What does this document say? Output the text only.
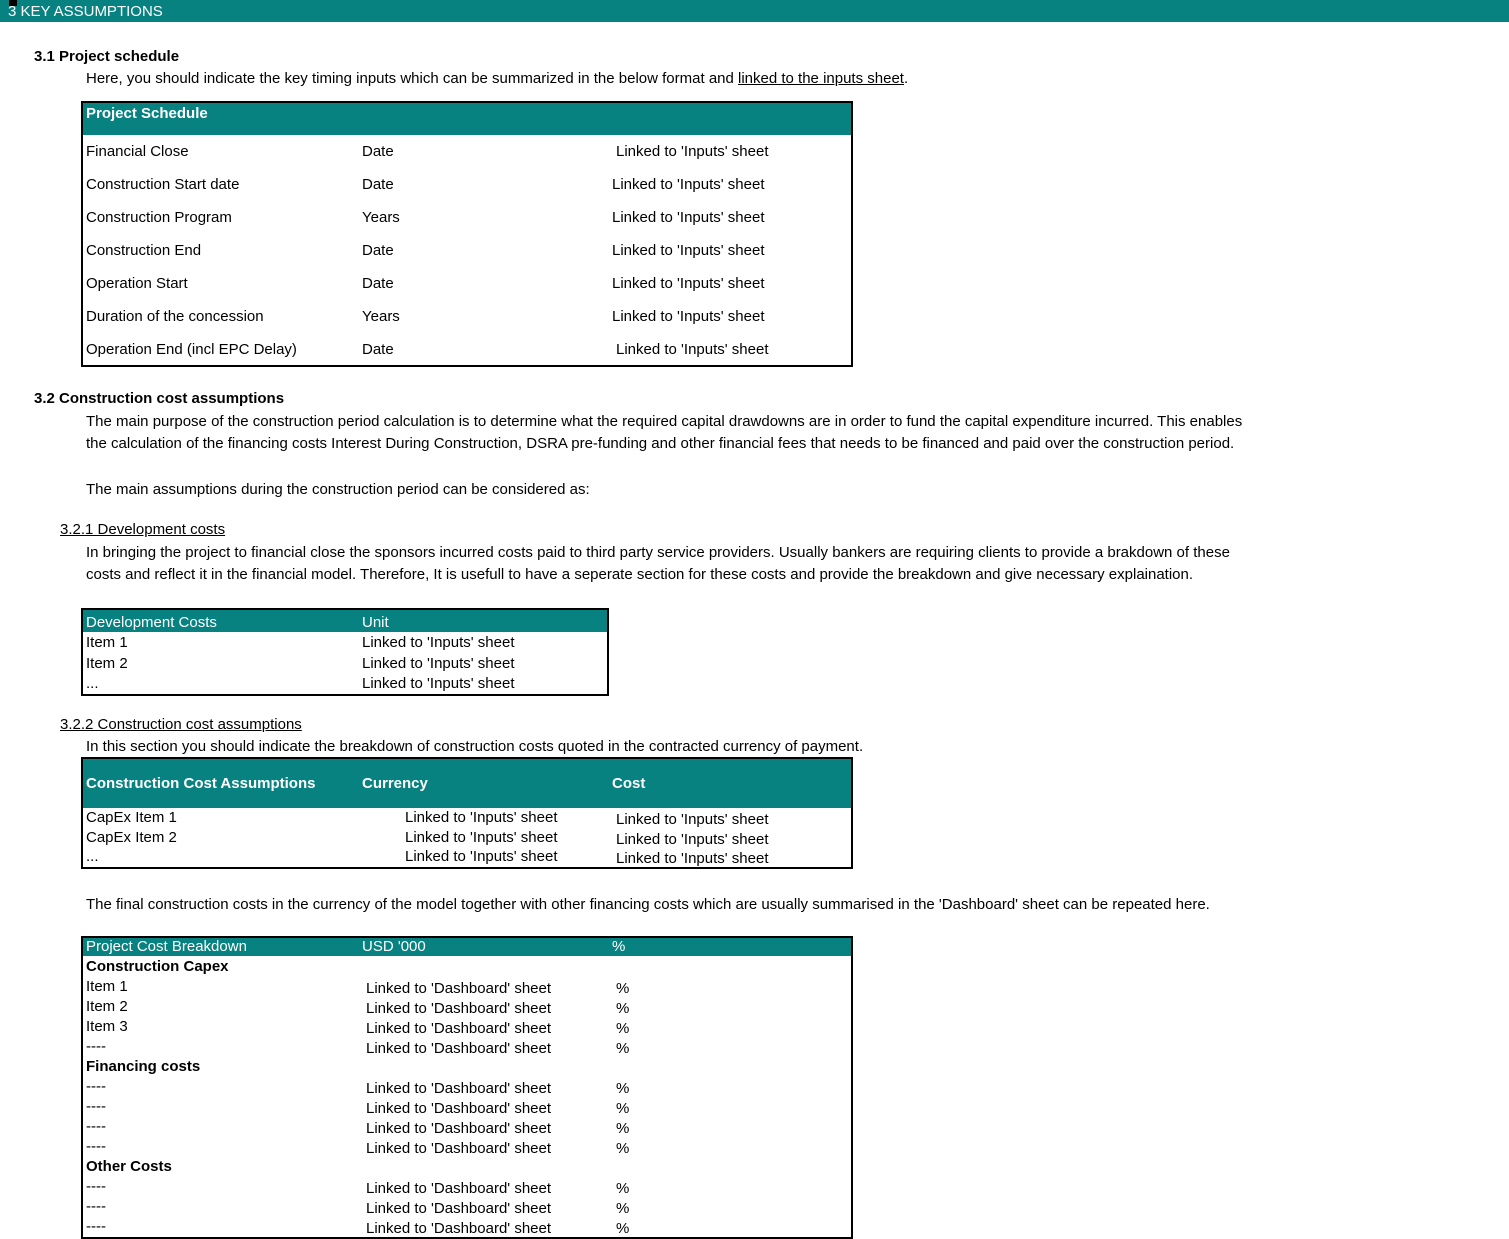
3 KEY ASSUMPTIONS
3.1 Project schedule
Here, you should indicate the key timing inputs which can be summarized in the below format and linked to the inputs sheet.
Project Schedule
Financial Close	Date	Linked to 'Inputs' sheet
Construction Start date	Date	Linked to 'Inputs' sheet
Construction Program	Years	Linked to 'Inputs' sheet
Construction End	Date	Linked to 'Inputs' sheet
Operation Start	Date	Linked to 'Inputs' sheet
Duration of the concession	Years	Linked to 'Inputs' sheet
Operation End (incl EPC Delay)	Date	Linked to 'Inputs' sheet
3.2 Construction cost assumptions
The main purpose of the construction period calculation is to determine what the required capital drawdowns are in order to fund the capital expenditure incurred. This enables the calculation of the financing costs Interest During Construction, DSRA pre-funding and other financial fees that needs to be financed and paid over the construction period.
The main assumptions during the construction period can be considered as:
3.2.1 Development costs
In bringing the project to financial close the sponsors incurred costs paid to third party service providers. Usually bankers are requiring clients to provide a brakdown of these costs and reflect it in the financial model. Therefore, It is usefull to have a seperate section for these costs and provide the breakdown and give necessary explaination.
Development Costs	Unit
Item 1	Linked to 'Inputs' sheet
Item 2	Linked to 'Inputs' sheet
...	Linked to 'Inputs' sheet
3.2.2 Construction cost assumptions
In this section you should indicate the breakdown of construction costs quoted in the contracted currency of payment.
Construction Cost Assumptions	Currency	Cost
CapEx Item 1	Linked to 'Inputs' sheet	Linked to 'Inputs' sheet
CapEx Item 2	Linked to 'Inputs' sheet	Linked to 'Inputs' sheet
...	Linked to 'Inputs' sheet	Linked to 'Inputs' sheet
The final construction costs in the currency of the model together with other financing costs which are usually summarised in the 'Dashboard' sheet can be repeated here.
Project Cost Breakdown	USD '000	%
Construction Capex
Item 1	Linked to 'Dashboard' sheet	%
Item 2	Linked to 'Dashboard' sheet	%
Item 3	Linked to 'Dashboard' sheet	%
----	Linked to 'Dashboard' sheet	%
Financing costs
----	Linked to 'Dashboard' sheet	%
----	Linked to 'Dashboard' sheet	%
----	Linked to 'Dashboard' sheet	%
----	Linked to 'Dashboard' sheet	%
Other Costs
----	Linked to 'Dashboard' sheet	%
----	Linked to 'Dashboard' sheet	%
----	Linked to 'Dashboard' sheet	%
